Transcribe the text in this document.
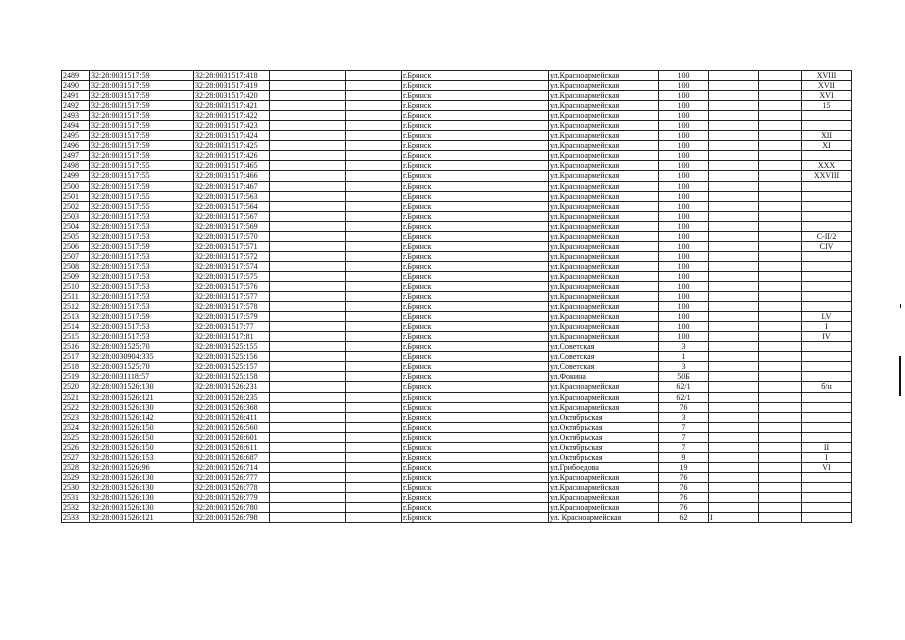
2489	32:28:0031517:59	32:28:0031517:418			г.Брянск	ул.Красноармейская	100			XVIII
2490	32:28:0031517:59	32:28:0031517:419			г.Брянск	ул.Красноармейская	100			XVII
2491	32:28:0031517:59	32:28:0031517:420			г.Брянск	ул.Красноармейская	100			XVI
2492	32:28:0031517:59	32:28:0031517:421			г.Брянск	ул.Красноармейская	100			15
2493	32:28:0031517:59	32:28:0031517:422			г.Брянск	ул.Красноармейская	100			
2494	32:28:0031517:59	32:28:0031517:423			г.Брянск	ул.Красноармейская	100			
2495	32:28:0031517:59	32:28:0031517:424			г.Брянск	ул.Красноармейская	100			XII
2496	32:28:0031517:59	32:28:0031517:425			г.Брянск	ул.Красноармейская	100			XI
2497	32:28:0031517:59	32:28:0031517:426			г.Брянск	ул.Красноармейская	100			
2498	32:28:0031517:55	32:28:0031517:465			г.Брянск	ул.Красноармейская	100			XXX
2499	32:28:0031517:55	32:28:0031517:466			г.Брянск	ул.Красноармейская	100			XXVIII
2500	32:28:0031517:59	32:28:0031517:467			г.Брянск	ул.Красноармейская	100			
2501	32:28:0031517:55	32:28:0031517:563			г.Брянск	ул.Красноармейская	100			
2502	32:28:0031517:55	32:28:0031517:564			г.Брянск	ул.Красноармейская	100			
2503	32:28:0031517:53	32:28:0031517:567			г.Брянск	ул.Красноармейская	100			
2504	32:28:0031517:53	32:28:0031517:569			г.Брянск	ул.Красноармейская	100			
2505	32:28:0031517:53	32:28:0031517:570			г.Брянск	ул.Красноармейская	100			С-II/2
2506	32:28:0031517:59	32:28:0031517:571			г.Брянск	ул.Красноармейская	100			CIV
2507	32:28:0031517:53	32:28:0031517:572			г.Брянск	ул.Красноармейская	100			
2508	32:28:0031517:53	32:28:0031517:574			г.Брянск	ул.Красноармейская	100			
2509	32:28:0031517:53	32:28:0031517:575			г.Брянск	ул.Красноармейская	100			
2510	32:28:0031517:53	32:28:0031517:576			г.Брянск	ул.Красноармейская	100			
2511	32:28:0031517:53	32:28:0031517:577			г.Брянск	ул.Красноармейская	100			
2512	32:28:0031517:53	32:28:0031517:578			г.Брянск	ул.Красноармейская	100			
2513	32:28:0031517:59	32:28:0031517:579			г.Брянск	ул.Красноармейская	100			LV
2514	32:28:0031517:53	32:28:0031517:77			г.Брянск	ул.Красноармейская	100			I
2515	32:28:0031517:53	32:28:0031517:81			г.Брянск	ул.Красноармейская	100			IV
2516	32:28:0031525:70	32:28:0031525:155			г.Брянск	ул.Советская	3			
2517	32:28:0030904:335	32:28:0031525:156			г.Брянск	ул.Советская	1			
2518	32:28:0031525:70	32:28:0031525:157			г.Брянск	ул.Советская	3			
2519	32:28:0031118:57	32:28:0031525:158			г.Брянск	ул.Фокина	50Б			
2520	32:28:0031526:130	32:28:0031526:231			г.Брянск	ул.Красноармейская	62/1			б/н
2521	32:28:0031526:121	32:28:0031526:235			г.Брянск	ул.Красноармейская	62/1			
2522	32:28:0031526:130	32:28:0031526:368			г.Брянск	ул.Красноармейская	76			
2523	32:28:0031526:142	32:28:0031526:411			г.Брянск	ул.Октябрьская	3			
2524	32:28:0031526:150	32:28:0031526:560			г.Брянск	ул.Октябрьская	7			
2525	32:28:0031526:150	32:28:0031526:601			г.Брянск	ул.Октябрьская	7			
2526	32:28:0031526:150	32:28:0031526:611			г.Брянск	ул.Октябрьская	7			II
2527	32:28:0031526:153	32:28:0031526:687			г.Брянск	ул.Октябрьская	9			I
2528	32:28:0031526:96	32:28:0031526:714			г.Брянск	ул.Грибоедова	19			VI
2529	32:28:0031526:130	32:28:0031526:777			г.Брянск	ул.Красноармейская	76			
2530	32:28:0031526:130	32:28:0031526:778			г.Брянск	ул.Красноармейская	76			
2531	32:28:0031526:130	32:28:0031526:779			г.Брянск	ул.Красноармейская	76			
2532	32:28:0031526:130	32:28:0031526:780			г.Брянск	ул.Красноармейская	76			
2533	32:28:0031526:121	32:28:0031526:798			г.Брянск	ул. Красноармейская	62	I		
